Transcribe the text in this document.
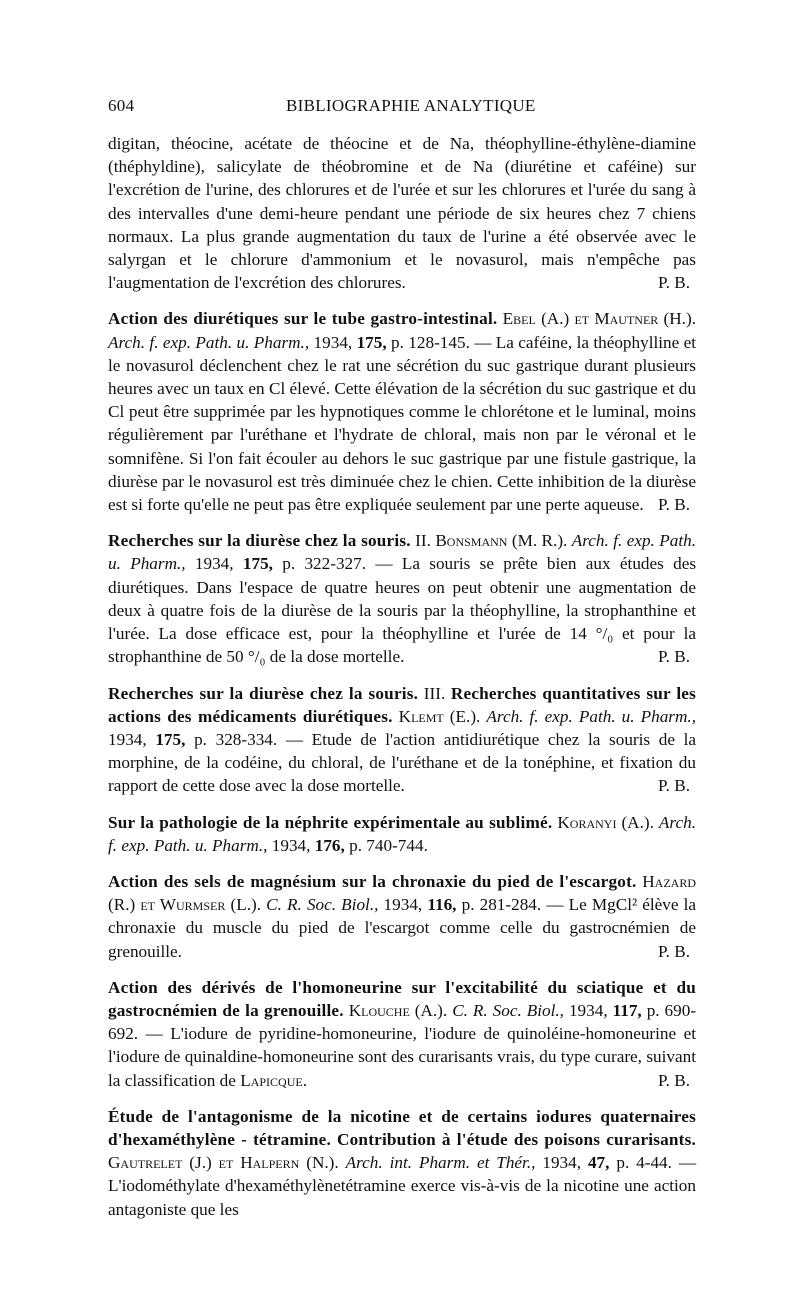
604	BIBLIOGRAPHIE ANALYTIQUE
digitan, théocine, acétate de théocine et de Na, théophylline-éthylène-diamine (théphyldine), salicylate de théobromine et de Na (diurétine et caféine) sur l'excrétion de l'urine, des chlorures et de l'urée et sur les chlorures et l'urée du sang à des intervalles d'une demi-heure pendant une période de six heures chez 7 chiens normaux. La plus grande augmentation du taux de l'urine a été observée avec le salyrgan et le chlorure d'ammonium et le novasurol, mais n'empêche pas l'augmentation de l'excrétion des chlorures.	P. B.
Action des diurétiques sur le tube gastro-intestinal. Ebel (A.) et Mautner (H.). Arch. f. exp. Path. u. Pharm., 1934, 175, p. 128-145. — La caféine, la théophylline et le novasurol déclenchent chez le rat une sécrétion du suc gastrique durant plusieurs heures avec un taux en Cl élevé. Cette élévation de la sécrétion du suc gastrique et du Cl peut être supprimée par les hypnotiques comme le chlorétone et le luminal, moins régulièrement par l'uréthane et l'hydrate de chloral, mais non par le véronal et le somnifène. Si l'on fait écouler au dehors le suc gastrique par une fistule gastrique, la diurèse par le novasurol est très diminuée chez le chien. Cette inhibition de la diurèse est si forte qu'elle ne peut pas être expliquée seulement par une perte aqueuse. P. B.
Recherches sur la diurèse chez la souris. II. Bonsmann (M. R.). Arch. f. exp. Path. u. Pharm., 1934, 175, p. 322-327. — La souris se prête bien aux études des diurétiques. Dans l'espace de quatre heures on peut obtenir une augmentation de deux à quatre fois de la diurèse de la souris par la théophylline, la strophanthine et l'urée. La dose efficace est, pour la théophylline et l'urée de 14 °/₀ et pour la strophanthine de 50 °/₀ de la dose mortelle.	P. B.
Recherches sur la diurèse chez la souris. III. Recherches quantitatives sur les actions des médicaments diurétiques. Klemt (E.). Arch. f. exp. Path. u. Pharm., 1934, 175, p. 328-334. — Etude de l'action antidiurétique chez la souris de la morphine, de la codéine, du chloral, de l'uréthane et de la tonéphine, et fixation du rapport de cette dose avec la dose mortelle.	P. B.
Sur la pathologie de la néphrite expérimentale au sublimé. Koranyi (A.). Arch. f. exp. Path. u. Pharm., 1934, 176, p. 740-744.
Action des sels de magnésium sur la chronaxie du pied de l'escargot. Hazard (R.) et Wurmser (L.). C. R. Soc. Biol., 1934, 116, p. 281-284. — Le MgCl² élève la chronaxie du muscle du pied de l'escargot comme celle du gastrocnémien de grenouille.	P. B.
Action des dérivés de l'homoneurine sur l'excitabilité du sciatique et du gastrocnémien de la grenouille. Klouche (A.). C. R. Soc. Biol., 1934, 117, p. 690-692. — L'iodure de pyridine-homoneurine, l'iodure de quinoléine-homoneurine et l'iodure de quinaldine-homoneurine sont des curarisants vrais, du type curare, suivant la classification de Lapicque.	P. B.
Étude de l'antagonisme de la nicotine et de certains iodures quaternaires d'hexaméthylène - tétramine. Contribution à l'étude des poisons curarisants. Gautrelet (J.) et Halpern (N.). Arch. int. Pharm. et Thér., 1934, 47, p. 4-44. — L'iodométhylate d'hexaméthylènetétramine exerce vis-à-vis de la nicotine une action antagoniste que les
